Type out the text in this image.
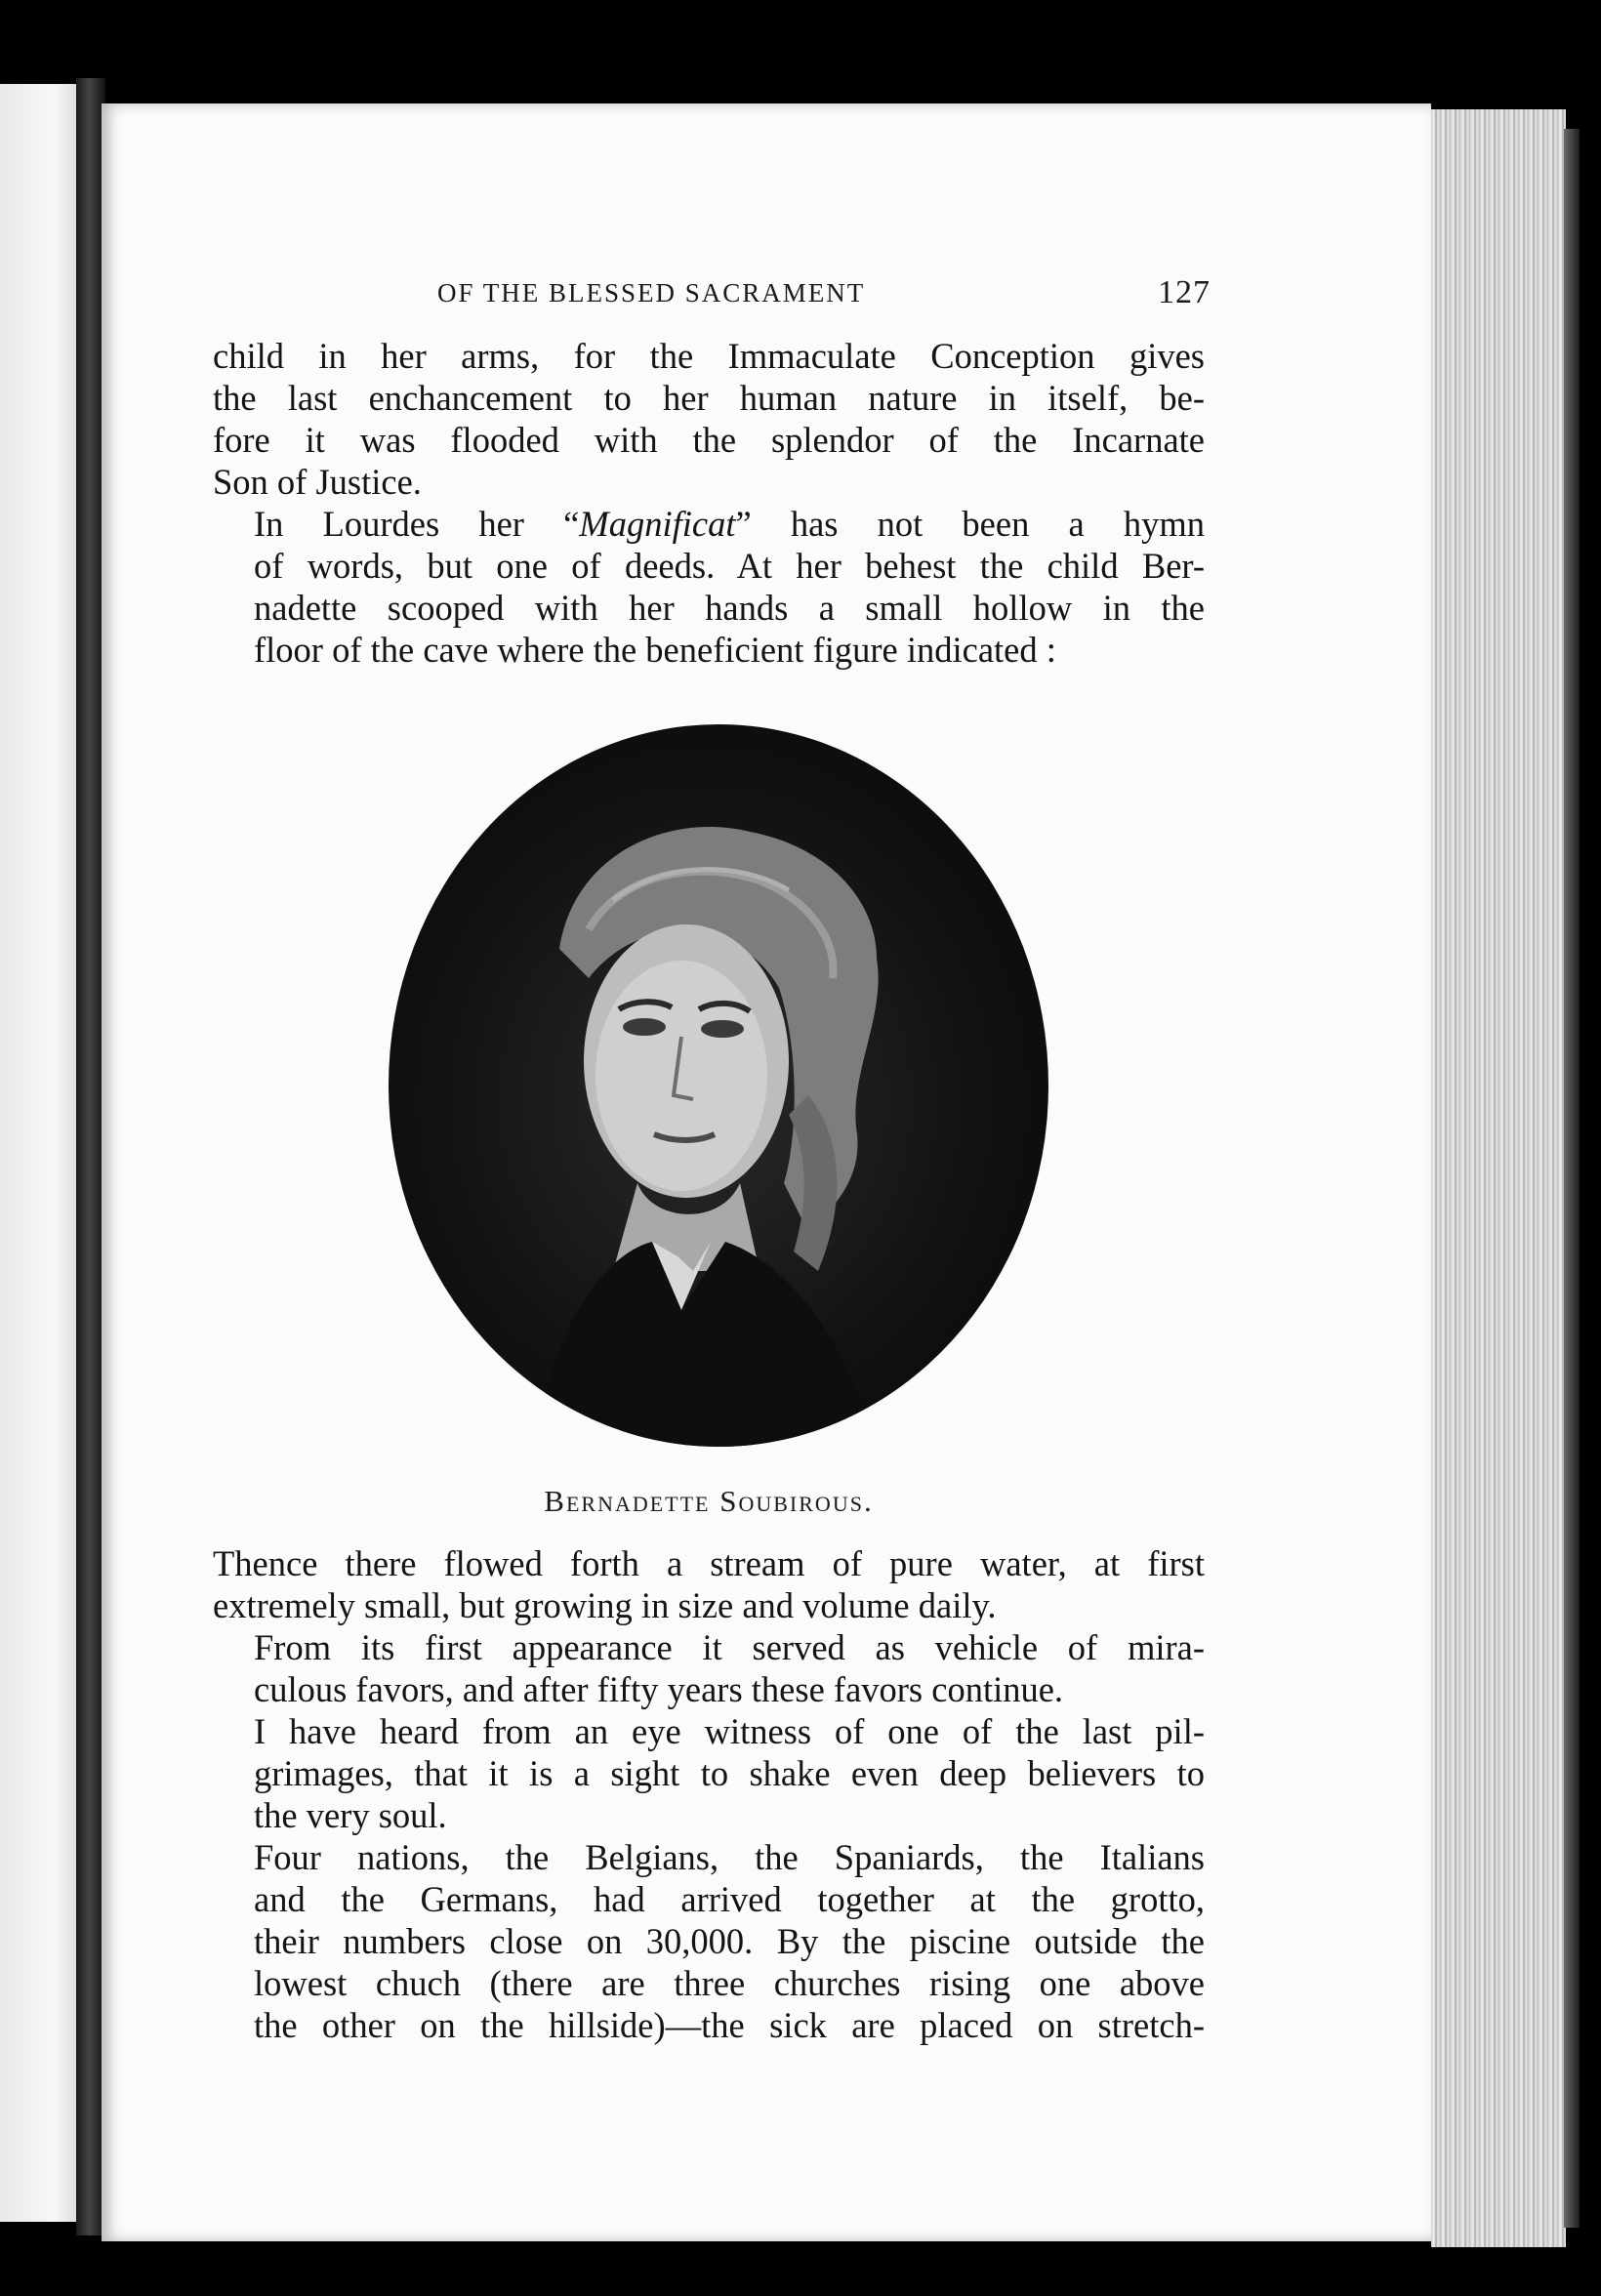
OF THE BLESSED SACRAMENT	127

child in her arms, for the Immaculate Conception gives
the last enchancement to her human nature in itself, be-
fore it was flooded with the splendor of the Incarnate
Son of Justice.

In Lourdes her “Magnificat” has not been a hymn
of words, but one of deeds. At her behest the child Ber-
nadette scooped with her hands a small hollow in the
floor of the cave where the beneficient figure indicated :

Bernadette Soubirous.

Thence there flowed forth a stream of pure water, at first
extremely small, but growing in size and volume daily.

From its first appearance it served as vehicle of mira-
culous favors, and after fifty years these favors continue.

I have heard from an eye witness of one of the last pil-
grimages, that it is a sight to shake even deep believers to
the very soul.

Four nations, the Belgians, the Spaniards, the Italians
and the Germans, had arrived together at the grotto,
their numbers close on 30,000. By the piscine outside the
lowest chuch (there are three churches rising one above
the other on the hillside)—the sick are placed on stretch-
